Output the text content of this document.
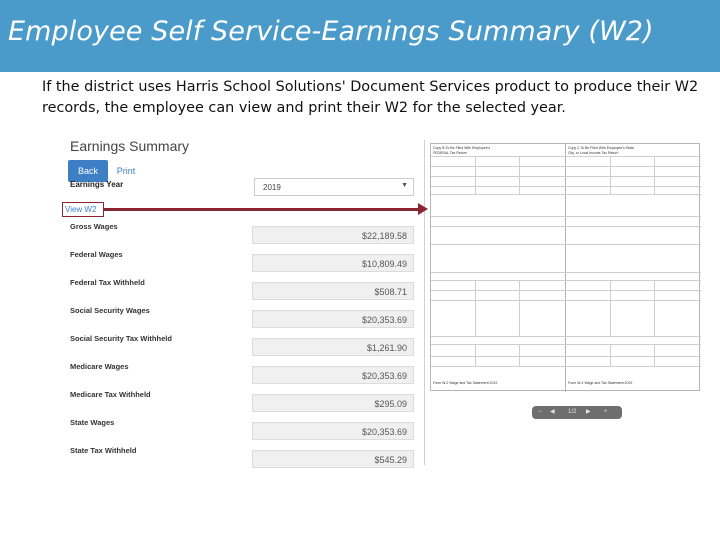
Employee Self Service-Earnings Summary (W2)
If the district uses Harris School Solutions' Document Services product to produce their W2 records, the employee can view and print their W2 for the selected year.
Earnings Summary
Back	Print
Earnings Year	2019	▼
View W2
Gross Wages
$22,189.58
Federal Wages
$10,809.49
Federal Tax Withheld
$508.71
Social Security Wages
$20,353.69
Social Security Tax Withheld
$1,261.90
Medicare Wages
$20,353.69
Medicare Tax Withheld
$295.09
State Wages
$20,353.69
State Tax Withheld
$545.29
Copy B-To Be Filed With Employee's
FEDERAL Tax Return
Form W-2 Wage and Tax Statement 2019
Copy 2-To Be Filed With Employee's State,
City, or Local Income Tax Return
Form W-2 Wage and Tax Statement 2019
− ◀ 1/2 ▶ +
